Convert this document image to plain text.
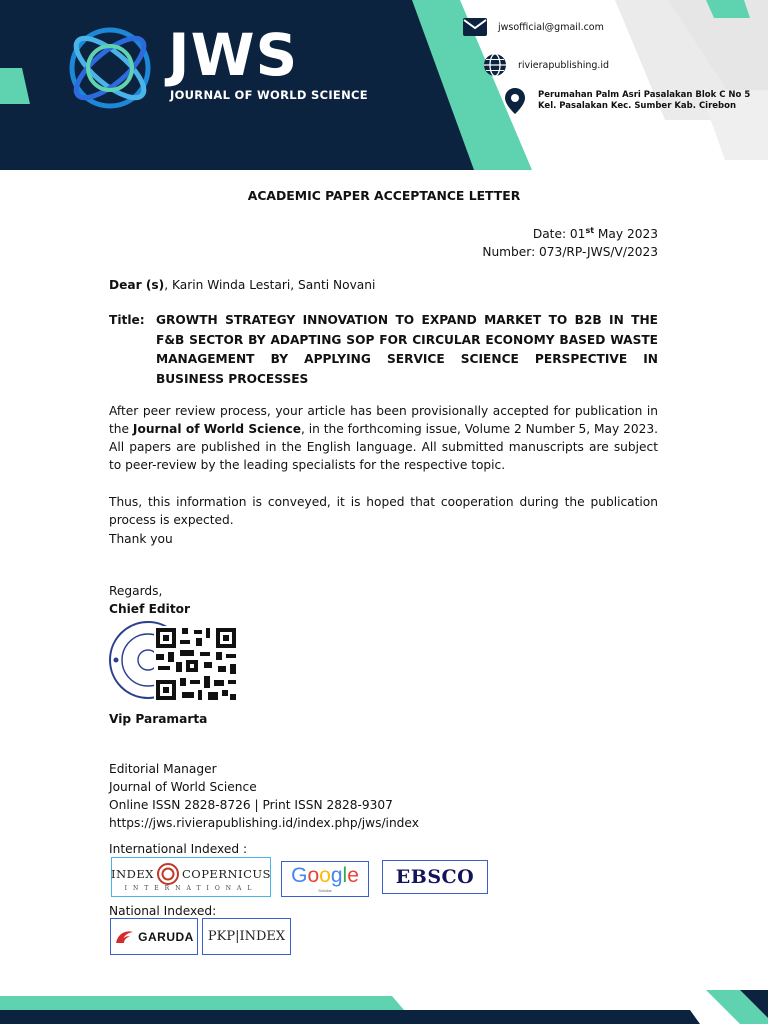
JWS
JOURNAL OF WORLD SCIENCE
jwsofficial@gmail.com
rivierapublishing.id
Perumahan Palm Asri Pasalakan Blok C No 5
Kel. Pasalakan Kec. Sumber Kab. Cirebon
ACADEMIC PAPER ACCEPTANCE LETTER
Date: 01st May 2023
Number: 073/RP-JWS/V/2023
Dear (s), Karin Winda Lestari, Santi Novani
Title: GROWTH STRATEGY INNOVATION TO EXPAND MARKET TO B2B IN THE F&B SECTOR BY ADAPTING SOP FOR CIRCULAR ECONOMY BASED WASTE MANAGEMENT BY APPLYING SERVICE SCIENCE PERSPECTIVE IN BUSINESS PROCESSES
After peer review process, your article has been provisionally accepted for publication in the Journal of World Science, in the forthcoming issue, Volume 2 Number 5, May 2023. All papers are published in the English language. All submitted manuscripts are subject to peer-review by the leading specialists for the respective topic.
Thus, this information is conveyed, it is hoped that cooperation during the publication process is expected.
Thank you
Regards,
Chief Editor
Vip Paramarta
Editorial Manager
Journal of World Science
Online ISSN 2828-8726 | Print ISSN 2828-9307
https://jws.rivierapublishing.id/index.php/jws/index
International Indexed :
National Indexed:
INDEX COPERNICUS
INTERNATIONAL
Google
Scholar
EBSCO
GARUDA PKP|INDEX
